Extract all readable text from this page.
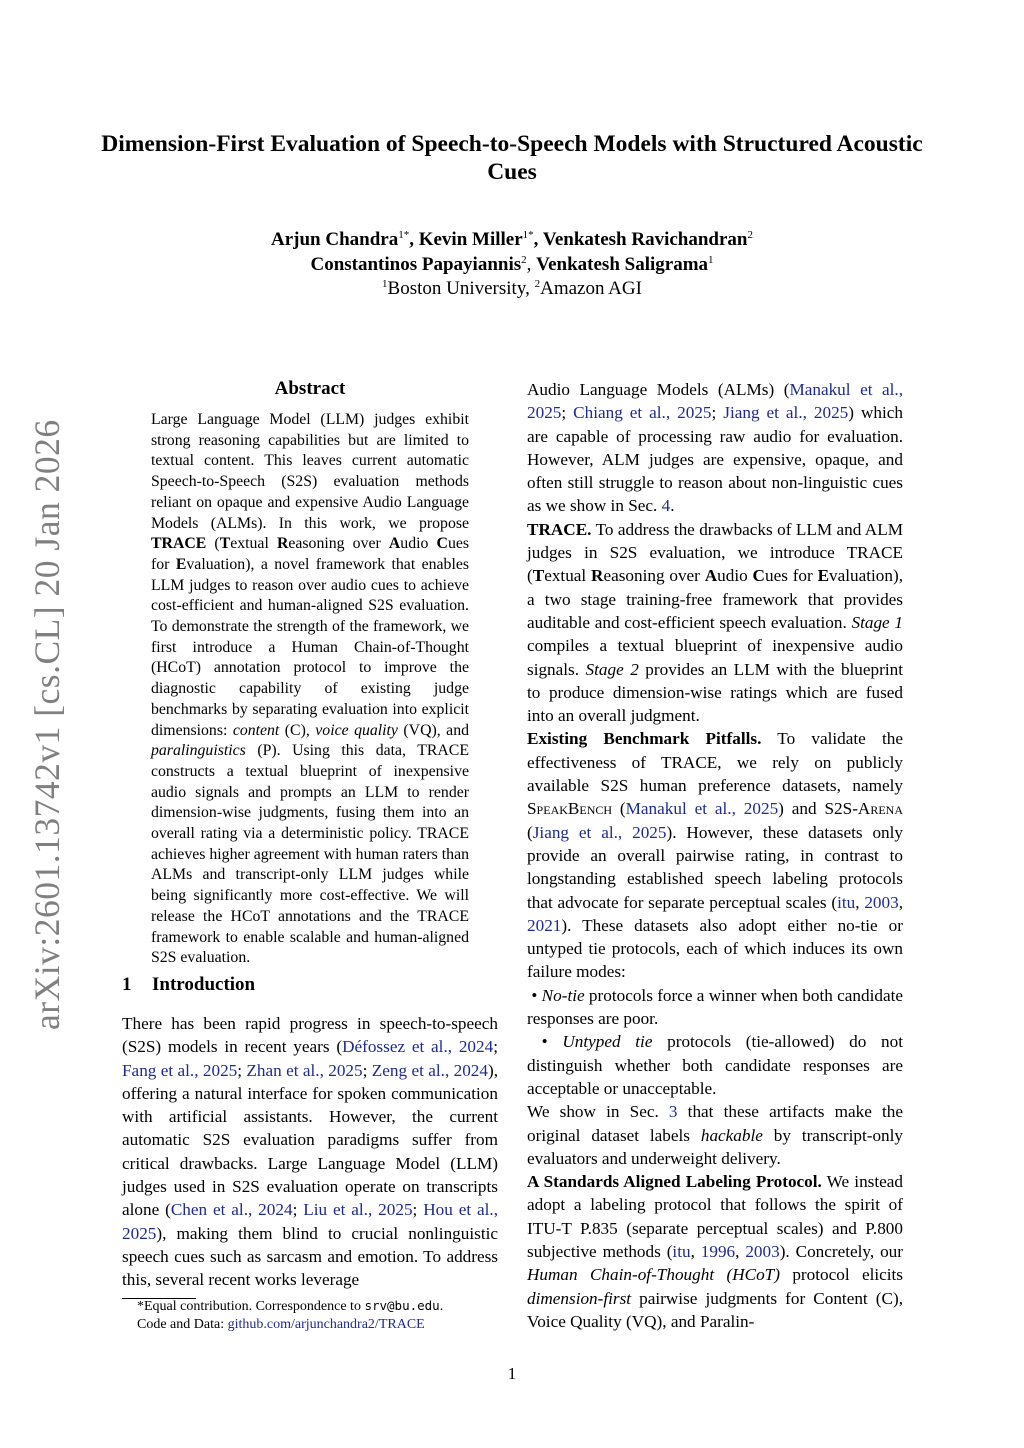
arXiv:2601.13742v1 [cs.CL] 20 Jan 2026
Dimension-First Evaluation of Speech-to-Speech Models with Structured Acoustic Cues
Arjun Chandra$^{1*}$, Kevin Miller$^{1*}$, Venkatesh Ravichandran$^2$
Constantinos Papayiannis$^2$, Venkatesh Saligrama$^1$
$^1$Boston University, $^2$Amazon AGI
Abstract
Large Language Model (LLM) judges exhibit strong reasoning capabilities but are limited to textual content. This leaves current automatic Speech-to-Speech (S2S) evaluation methods reliant on opaque and expensive Audio Language Models (ALMs). In this work, we propose TRACE (Textual Reasoning over Audio Cues for Evaluation), a novel framework that enables LLM judges to reason over audio cues to achieve cost-efficient and human-aligned S2S evaluation. To demonstrate the strength of the framework, we first introduce a Human Chain-of-Thought (HCoT) annotation protocol to improve the diagnostic capability of existing judge benchmarks by separating evaluation into explicit dimensions: content (C), voice quality (VQ), and paralinguistics (P). Using this data, TRACE constructs a textual blueprint of inexpensive audio signals and prompts an LLM to render dimension-wise judgments, fusing them into an overall rating via a deterministic policy. TRACE achieves higher agreement with human raters than ALMs and transcript-only LLM judges while being significantly more cost-effective. We will release the HCoT annotations and the TRACE framework to enable scalable and human-aligned S2S evaluation.
1 Introduction

There has been rapid progress in speech-to-speech (S2S) models in recent years (Défossez et al., 2024; Fang et al., 2025; Zhan et al., 2025; Zeng et al., 2024), offering a natural interface for spoken communication with artificial assistants. However, the current automatic S2S evaluation paradigms suffer from critical drawbacks. Large Language Model (LLM) judges used in S2S evaluation operate on transcripts alone (Chen et al., 2024; Liu et al., 2025; Hou et al., 2025), making them blind to crucial nonlinguistic speech cues such as sarcasm and emotion. To address this, several recent works leverage

*Equal contribution. Correspondence to srv@bu.edu.
Code and Data: github.com/arjunchandra2/TRACE

Audio Language Models (ALMs) (Manakul et al., 2025; Chiang et al., 2025; Jiang et al., 2025) which are capable of processing raw audio for evaluation. However, ALM judges are expensive, opaque, and often still struggle to reason about non-linguistic cues as we show in Sec. 4.

TRACE. To address the drawbacks of LLM and ALM judges in S2S evaluation, we introduce TRACE (Textual Reasoning over Audio Cues for Evaluation), a two stage training-free framework that provides auditable and cost-efficient speech evaluation. Stage 1 compiles a textual blueprint of inexpensive audio signals. Stage 2 provides an LLM with the blueprint to produce dimension-wise ratings which are fused into an overall judgment.

Existing Benchmark Pitfalls. To validate the effectiveness of TRACE, we rely on publicly available S2S human preference datasets, namely SpeakBench (Manakul et al., 2025) and S2S-Arena (Jiang et al., 2025). However, these datasets only provide an overall pairwise rating, in contrast to longstanding established speech labeling protocols that advocate for separate perceptual scales (itu, 2003, 2021). These datasets also adopt either no-tie or untyped tie protocols, each of which induces its own failure modes:

• No-tie protocols force a winner when both candidate responses are poor.

• Untyped tie protocols (tie-allowed) do not distinguish whether both candidate responses are acceptable or unacceptable.

We show in Sec. 3 that these artifacts make the original dataset labels hackable by transcript-only evaluators and underweight delivery.

A Standards Aligned Labeling Protocol. We instead adopt a labeling protocol that follows the spirit of ITU-T P.835 (separate perceptual scales) and P.800 subjective methods (itu, 1996, 2003). Concretely, our Human Chain-of-Thought (HCoT) protocol elicits dimension-first pairwise judgments for Content (C), Voice Quality (VQ), and Paralin-

1
